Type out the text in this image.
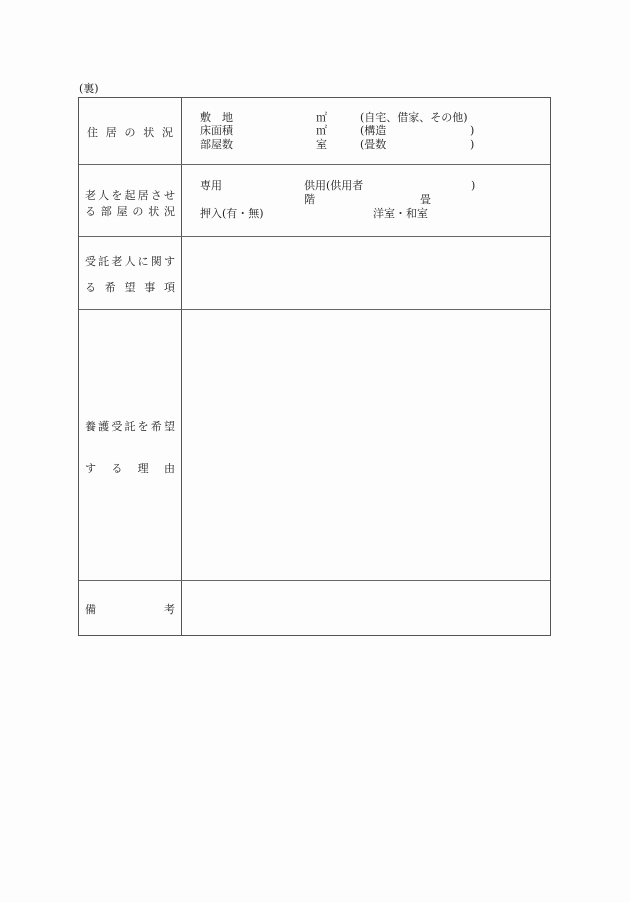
(裏)
住 居 の 状 況
敷　地	㎡	(自宅、借家、その他)
床面積	㎡	(構造	)
部屋数	室	(畳数	)
老 人 を 起 居 さ せ
る 部 屋 の 状 況
専用	供用(供用者	)
階	畳
押入(有・無)	洋室・和室
受 託 老 人 に 関 す
る 希 望 事 項
養 護 受 託 を 希 望
す る 理 由
備	考
